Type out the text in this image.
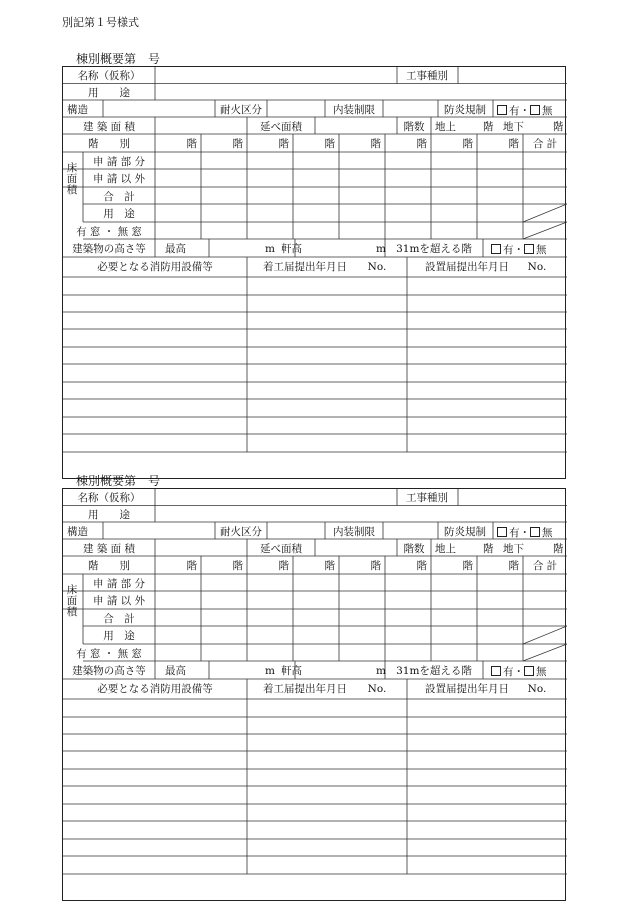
別記第１号様式
棟別概要第　号
名称（仮称）	工事種別
用　　途
構造	耐火区分	内装制限	防炎規制	有・ 無
建 築 面 積	延べ面積	階数 地上	階 地下	階
階　　別	階	階	階	階	階	階	階	階 合 計
床
面
積
申 請 部 分
申 請 以 外
合　計
用　途
有 窓 ・ 無 窓
建築物の高さ等 最高	m 軒高	m 31mを超える階	有・ 無
必要となる消防用設備等	着工届提出年月日 No.	設置届提出年月日 No.
棟別概要第　号
名称（仮称）	工事種別
用　　途
構造	耐火区分	内装制限	防炎規制	有・ 無
建 築 面 積	延べ面積	階数 地上	階 地下	階
階　　別	階	階	階	階	階	階	階	階 合 計
床
面
積
申 請 部 分
申 請 以 外
合　計
用　途
有 窓 ・ 無 窓
建築物の高さ等 最高	m 軒高	m 31mを超える階	有・ 無
必要となる消防用設備等	着工届提出年月日 No.	設置届提出年月日 No.
